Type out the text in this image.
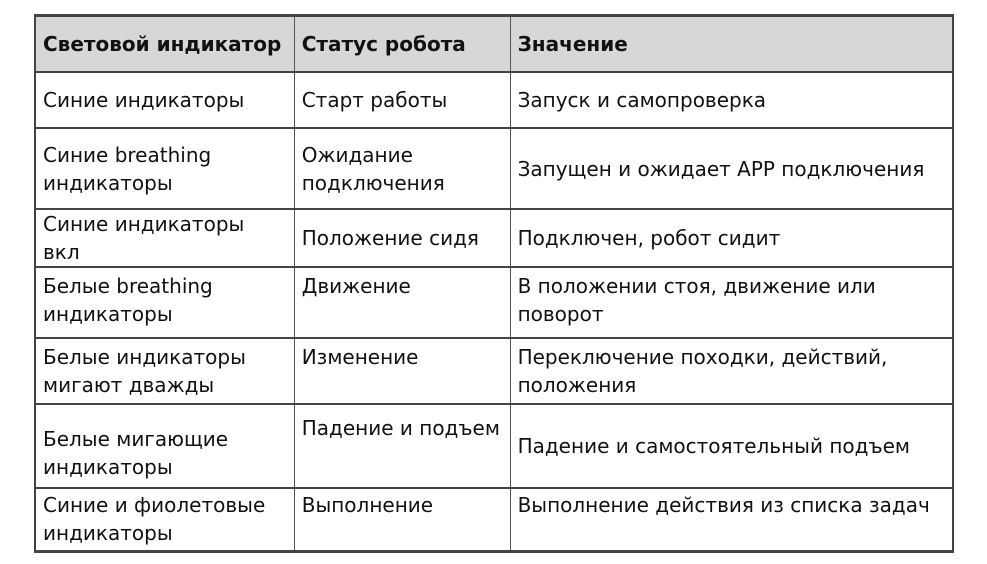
Световой индикатор	Статус робота	Значение
Синие индикаторы	Старт работы	Запуск и самопроверка
Синие breathing индикаторы	Ожидание подключения	Запущен и ожидает APP подключения
Синие индикаторы вкл	Положение сидя	Подключен, робот сидит
Белые breathing индикаторы	Движение	В положении стоя, движение или поворот
Белые индикаторы мигают дважды	Изменение	Переключение походки, действий, положения
Белые мигающие индикаторы	Падение и подъем	Падение и самостоятельный подъем
Синие и фиолетовые индикаторы	Выполнение	Выполнение действия из списка задач
